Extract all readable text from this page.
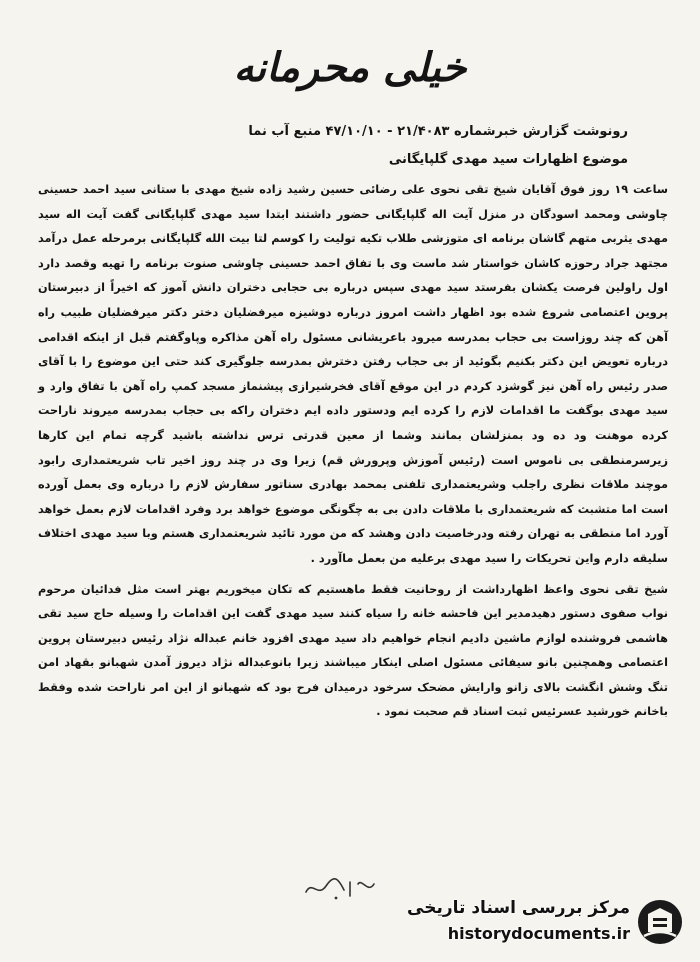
خیلی محرمانه
رونوشت گزارش خبرشماره ۲۱/۴۰۸۳ - ۴۷/۱۰/۱۰ منبع آب نما
موضوع اظهارات سید مهدی گلپایگانی

ساعت ۱۹ روز فوق آقایان شیخ تقی نحوی علی رضائی حسین رشید زاده شیخ مهدی با ستانی سید احمد حسینی چاوشی ومحمد اسودگان در منزل آیت اله گلپایگانی حضور داشتند ابتدا سید مهدی گلپایگانی گفت آیت اله سید مهدی یثربی متهم گاشان برنامه ای متوزشی طلاب تکیه تولیت را کوسم لتا بیت الله گلپایگانی برمرحله عمل درآمد مجتهد جراد رحوزه کاشان خواستار شد ماست وی با تفاق احمد حسینی چاوشی صنوت برنامه را تهیه وقصد دارد اول راولین فرصت یکشان بفرستد سید مهدی سپس درباره بی حجابی دختران دانش آموز که اخیراً از دبیرستان پروین اعتصامی شروع شده بود اظهار داشت امروز درباره دوشیزه میرفضلیان دختر دکتر میرفضلیان طبیب راه آهن که چند روزاست بی حجاب بمدرسه میرود باعریشانی مسئول راه آهن مذاکره وپاوگفتم قبل از اینکه اقدامی درباره تعویض این دکتر بکنیم بگوئید از بی حجاب رفتن دخترش بمدرسه جلوگیری کند حتی این موضوع را با آقای صدر رئیس راه آهن نیز گوشزد کردم در این موقع آقای فخرشیرازی پیشنماز مسجد کمپ راه آهن با تفاق وارد و سید مهدی بوگفت ما اقدامات لازم را کرده ایم ودستور داده ایم دختران راکه بی حجاب بمدرسه میروند ناراحت کرده موهنت ود ده ود بمنزلشان بمانند وشما از معین قدرتی ترس نداشته باشید گرچه تمام این کارها زیرسرمنطقی بی ناموس است (رئیس آموزش وپرورش قم) زیرا وی در چند روز اخیر تاب شریعتمداری رابود موچند ملاقات نظری راجلب وشریعتمداری تلفنی بمحمد بهادری سناتور سفارش لازم را درباره وی بعمل آورده است اما متشبث که شریعتمداری با ملاقات دادن بی به چگونگی موضوع خواهد برد وفرد اقدامات لازم بعمل خواهد آورد اما منطقی به تهران رفته ودرخاصیت دادن وهشد که من مورد تائید شریعتمداری هستم وبا سید مهدی اختلاف سلیقه دارم واین تحریکات را سید مهدی برعلیه من بعمل ماآورد .

شیخ تقی نحوی واعظ اظهارداشت از روحانیت فقط ماهستیم که تکان میخوریم بهتر است مثل فدائیان مرحوم نواب صفوی دستور دهیدمدیر این فاحشه خانه را سیاه کنند سید مهدی گفت این اقدامات را وسیله حاج سید تقی هاشمی فروشنده لوازم ماشین دادیم انجام خواهیم داد سید مهدی افزود خانم عبداله نژاد رئیس دبیرستان پروین اعتصامی وهمچنین بانو سیفائی مسئول اصلی اینکار میباشند زیرا بانوعبداله نژاد دیروز آمدن شهبانو بقهاد امن تنگ وشش انگشت بالای زانو وارایش مضحک سرخود درمیدان فرح بود که شهبانو از این امر ناراحت شده وفقط باخانم خورشید عسرئیس ثبت اسناد قم صحبت نمود .

مرکز بررسی اسناد تاریخی
historydocuments.ir
